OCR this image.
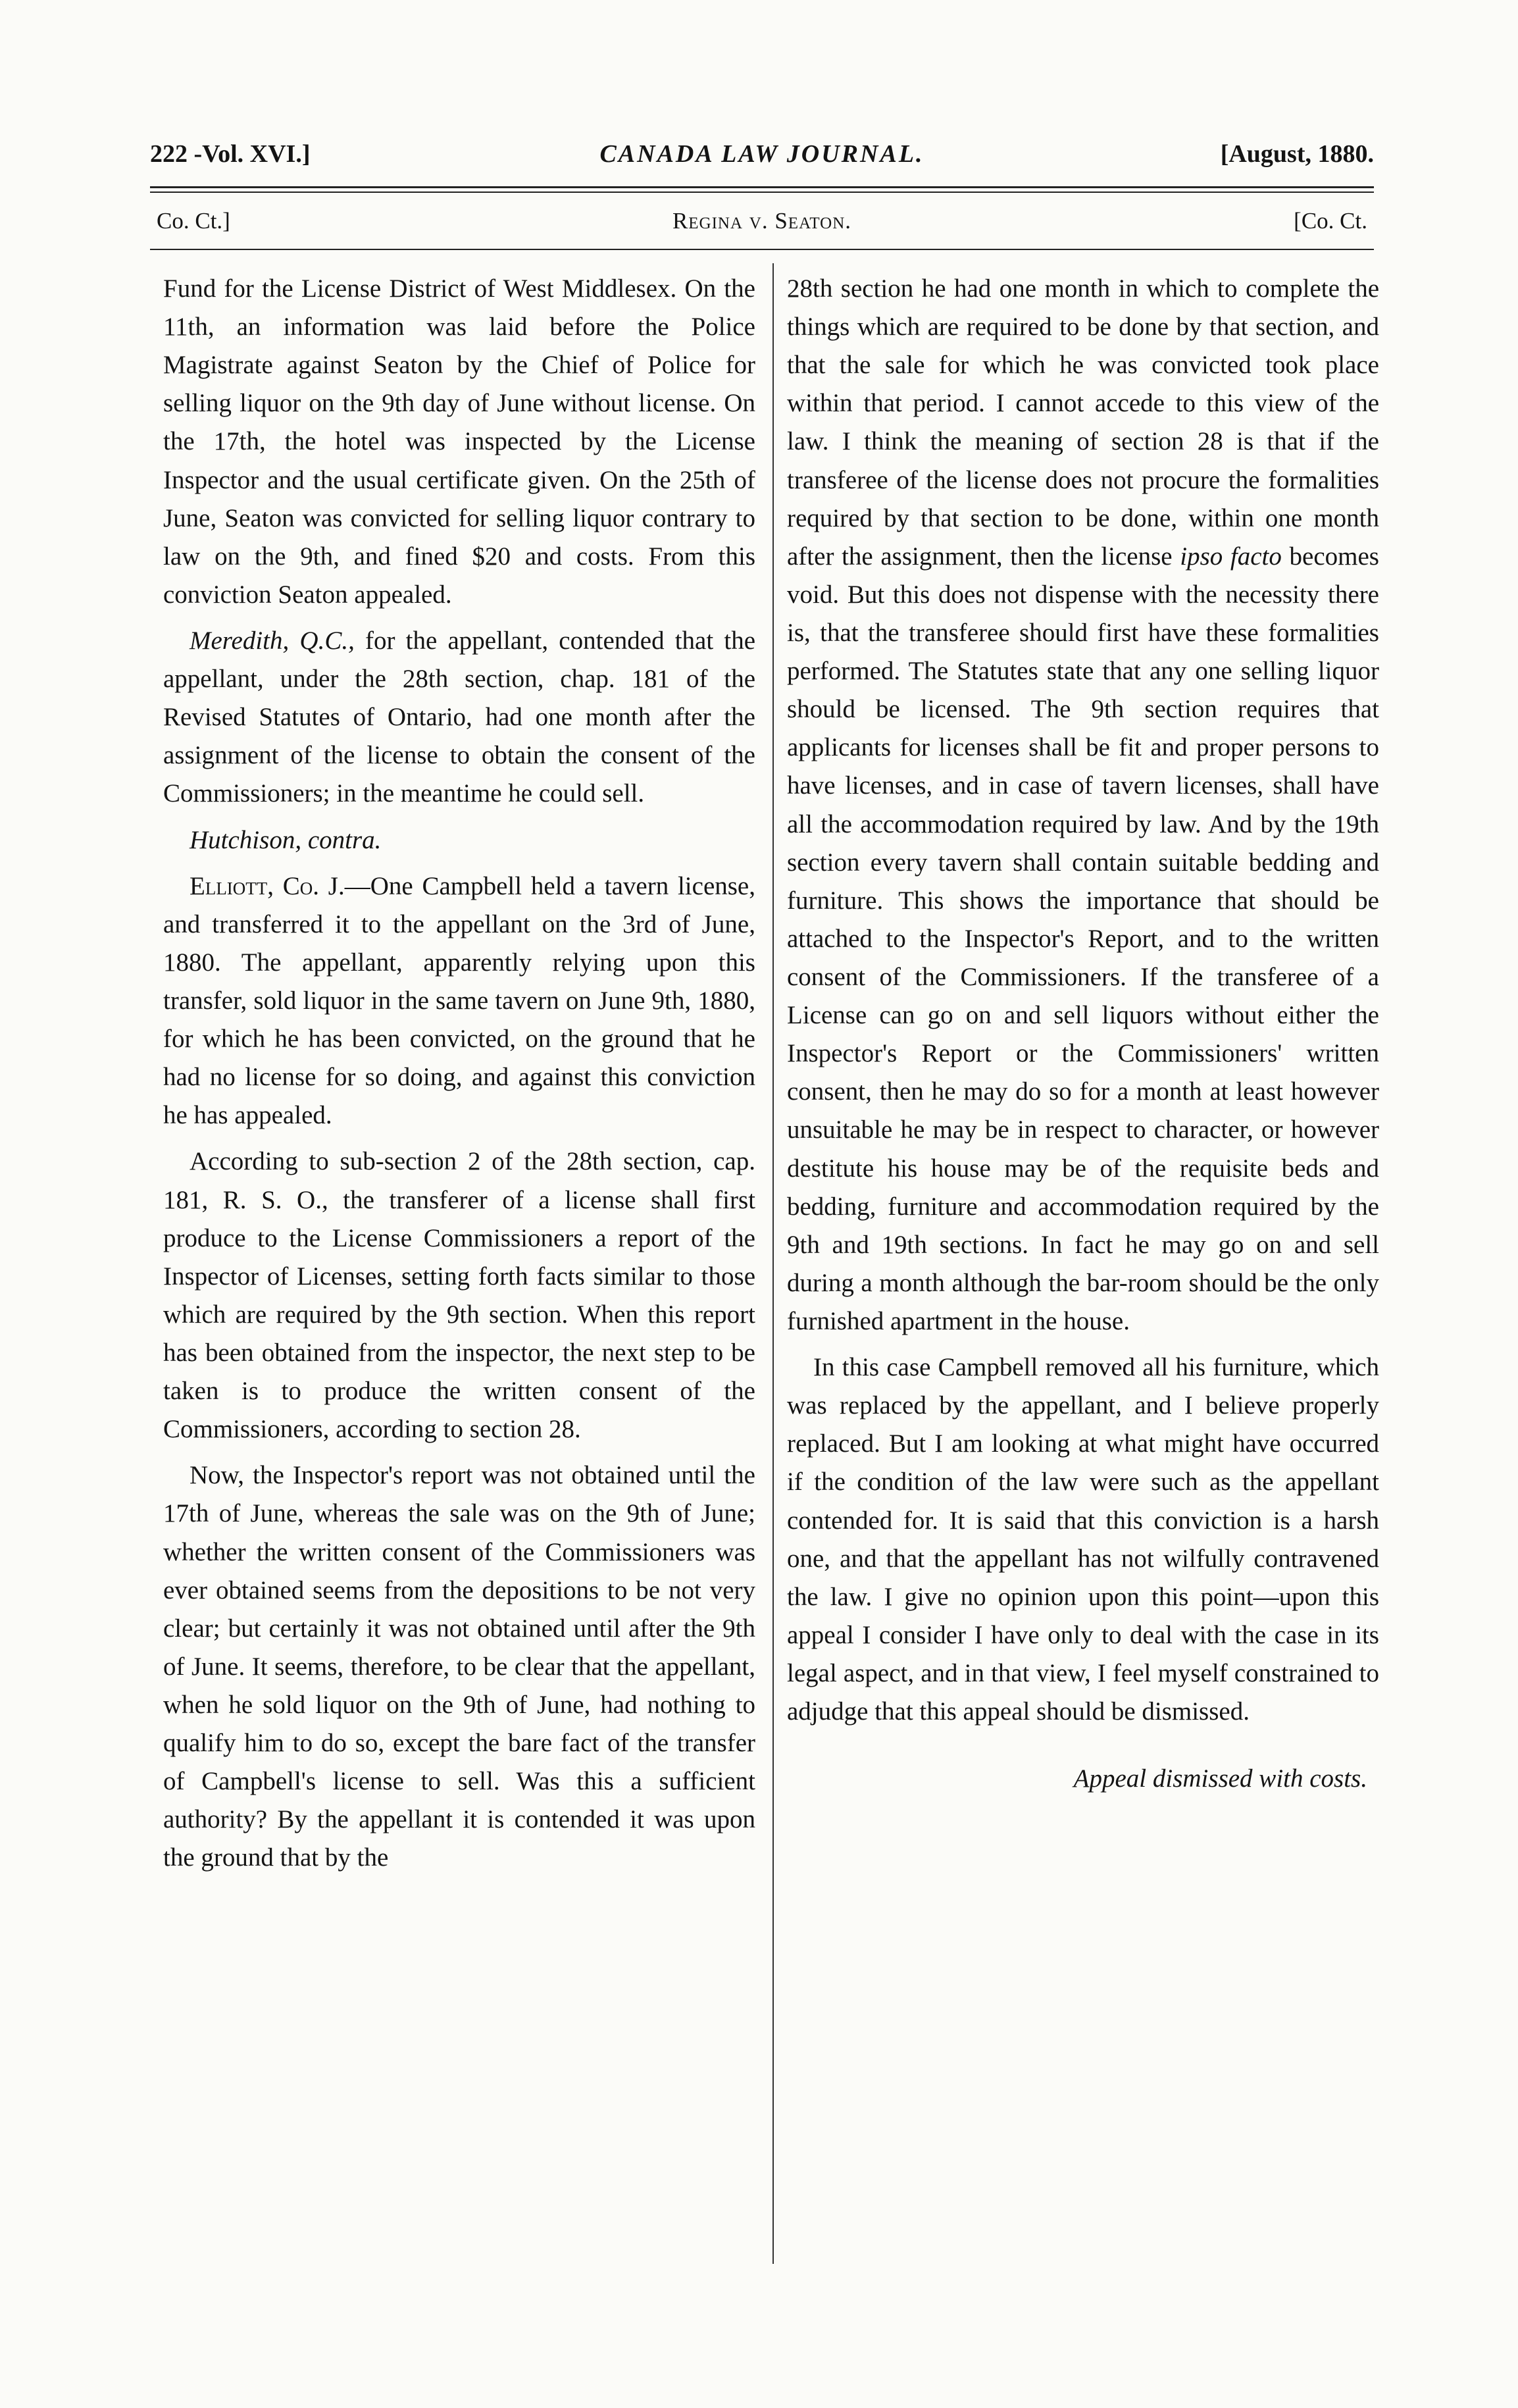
222 -Vol. XVI.]	CANADA LAW JOURNAL.	[August, 1880.
Co. Ct.]	Regina v. Seaton.	[Co. Ct.

Fund for the License District of West Middlesex. On the 11th, an information was laid before the Police Magistrate against Seaton by the Chief of Police for selling liquor on the 9th day of June without license. On the 17th, the hotel was inspected by the License Inspector and the usual certificate given. On the 25th of June, Seaton was convicted for selling liquor contrary to law on the 9th, and fined $20 and costs. From this conviction Seaton appealed.

Meredith, Q.C., for the appellant, contended that the appellant, under the 28th section, chap. 181 of the Revised Statutes of Ontario, had one month after the assignment of the license to obtain the consent of the Commissioners; in the meantime he could sell.

Hutchison, contra.

Elliott, Co. J.—One Campbell held a tavern license, and transferred it to the appellant on the 3rd of June, 1880. The appellant, apparently relying upon this transfer, sold liquor in the same tavern on June 9th, 1880, for which he has been convicted, on the ground that he had no license for so doing, and against this conviction he has appealed.

According to sub-section 2 of the 28th section, cap. 181, R. S. O., the transferer of a license shall first produce to the License Commissioners a report of the Inspector of Licenses, setting forth facts similar to those which are required by the 9th section. When this report has been obtained from the inspector, the next step to be taken is to produce the written consent of the Commissioners, according to section 28.

Now, the Inspector's report was not obtained until the 17th of June, whereas the sale was on the 9th of June; whether the written consent of the Commissioners was ever obtained seems from the depositions to be not very clear; but certainly it was not obtained until after the 9th of June. It seems, therefore, to be clear that the appellant, when he sold liquor on the 9th of June, had nothing to qualify him to do so, except the bare fact of the transfer of Campbell's license to sell. Was this a sufficient authority? By the appellant it is contended it was upon the ground that by the

28th section he had one month in which to complete the things which are required to be done by that section, and that the sale for which he was convicted took place within that period. I cannot accede to this view of the law. I think the meaning of section 28 is that if the transferee of the license does not procure the formalities required by that section to be done, within one month after the assignment, then the license ipso facto becomes void. But this does not dispense with the necessity there is, that the transferee should first have these formalities performed. The Statutes state that any one selling liquor should be licensed. The 9th section requires that applicants for licenses shall be fit and proper persons to have licenses, and in case of tavern licenses, shall have all the accommodation required by law. And by the 19th section every tavern shall contain suitable bedding and furniture. This shows the importance that should be attached to the Inspector's Report, and to the written consent of the Commissioners. If the transferee of a License can go on and sell liquors without either the Inspector's Report or the Commissioners' written consent, then he may do so for a month at least however unsuitable he may be in respect to character, or however destitute his house may be of the requisite beds and bedding, furniture and accommodation required by the 9th and 19th sections. In fact he may go on and sell during a month although the bar-room should be the only furnished apartment in the house.

In this case Campbell removed all his furniture, which was replaced by the appellant, and I believe properly replaced. But I am looking at what might have occurred if the condition of the law were such as the appellant contended for. It is said that this conviction is a harsh one, and that the appellant has not wilfully contravened the law. I give no opinion upon this point—upon this appeal I consider I have only to deal with the case in its legal aspect, and in that view, I feel myself constrained to adjudge that this appeal should be dismissed.

Appeal dismissed with costs.
